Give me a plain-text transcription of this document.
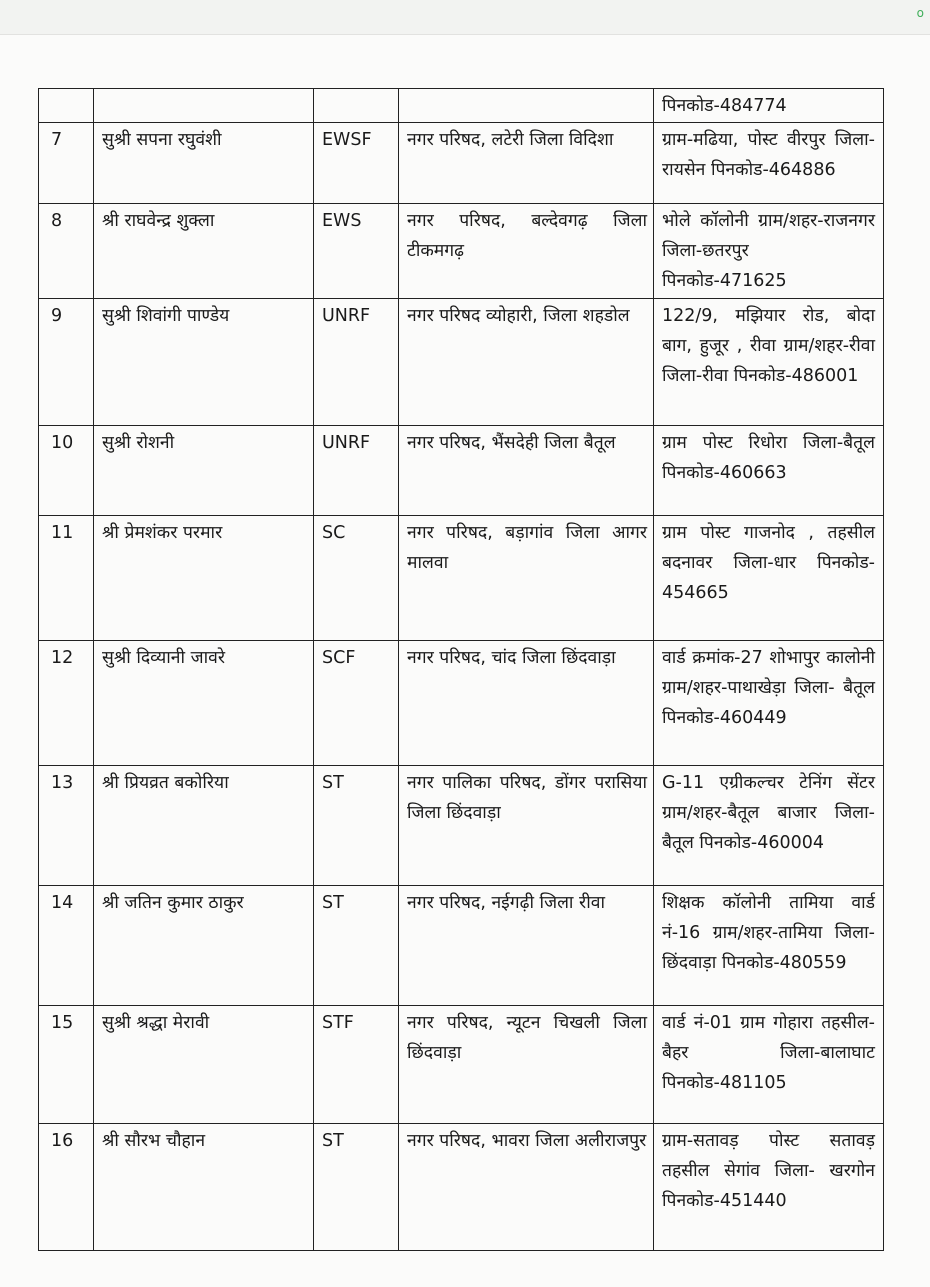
o
				पिनकोड-484774
7	सुश्री सपना रघुवंशी	EWSF	नगर परिषद, लटेरी जिला विदिशा	ग्राम-मढिया, पोस्ट वीरपुर जिला-रायसेन पिनकोड-464886
8	श्री राघवेन्द्र शुक्ला	EWS	नगर परिषद, बल्देवगढ़ जिला टीकमगढ़	भोले कॉलोनी ग्राम/शहर-राजनगर जिला-छतरपुर पिनकोड-471625
9	सुश्री शिवांगी पाण्डेय	UNRF	नगर परिषद व्योहारी, जिला शहडोल	122/9, मझियार रोड, बोदा बाग, हुजूर , रीवा ग्राम/शहर-रीवा जिला-रीवा पिनकोड-486001
10	सुश्री रोशनी	UNRF	नगर परिषद, भैंसदेही जिला बैतूल	ग्राम पोस्ट रिधोरा जिला-बैतूल पिनकोड-460663
11	श्री प्रेमशंकर परमार	SC	नगर परिषद, बड़ागांव जिला आगर मालवा	ग्राम पोस्ट गाजनोद , तहसील बदनावर जिला-धार पिनकोड- 454665
12	सुश्री दिव्यानी जावरे	SCF	नगर परिषद, चांद जिला छिंदवाड़ा	वार्ड क्रमांक-27 शोभापुर कालोनी ग्राम/शहर-पाथाखेड़ा जिला- बैतूल पिनकोड-460449
13	श्री प्रियव्रत बकोरिया	ST	नगर पालिका परिषद, डोंगर परासिया जिला छिंदवाड़ा	G-11 एग्रीकल्चर टेनिंग सेंटर ग्राम/शहर-बैतूल बाजार जिला-बैतूल पिनकोड-460004
14	श्री जतिन कुमार ठाकुर	ST	नगर परिषद, नईगढ़ी जिला रीवा	शिक्षक कॉलोनी तामिया वार्ड नं-16 ग्राम/शहर-तामिया जिला-छिंदवाड़ा पिनकोड-480559
15	सुश्री श्रद्धा मेरावी	STF	नगर परिषद, न्यूटन चिखली जिला छिंदवाड़ा	वार्ड नं-01 ग्राम गोहारा तहसील-बैहर जिला-बालाघाट पिनकोड-481105
16	श्री सौरभ चौहान	ST	नगर परिषद, भावरा जिला अलीराजपुर	ग्राम-सतावड़ पोस्ट सतावड़ तहसील सेगांव जिला- खरगोन पिनकोड-451440
